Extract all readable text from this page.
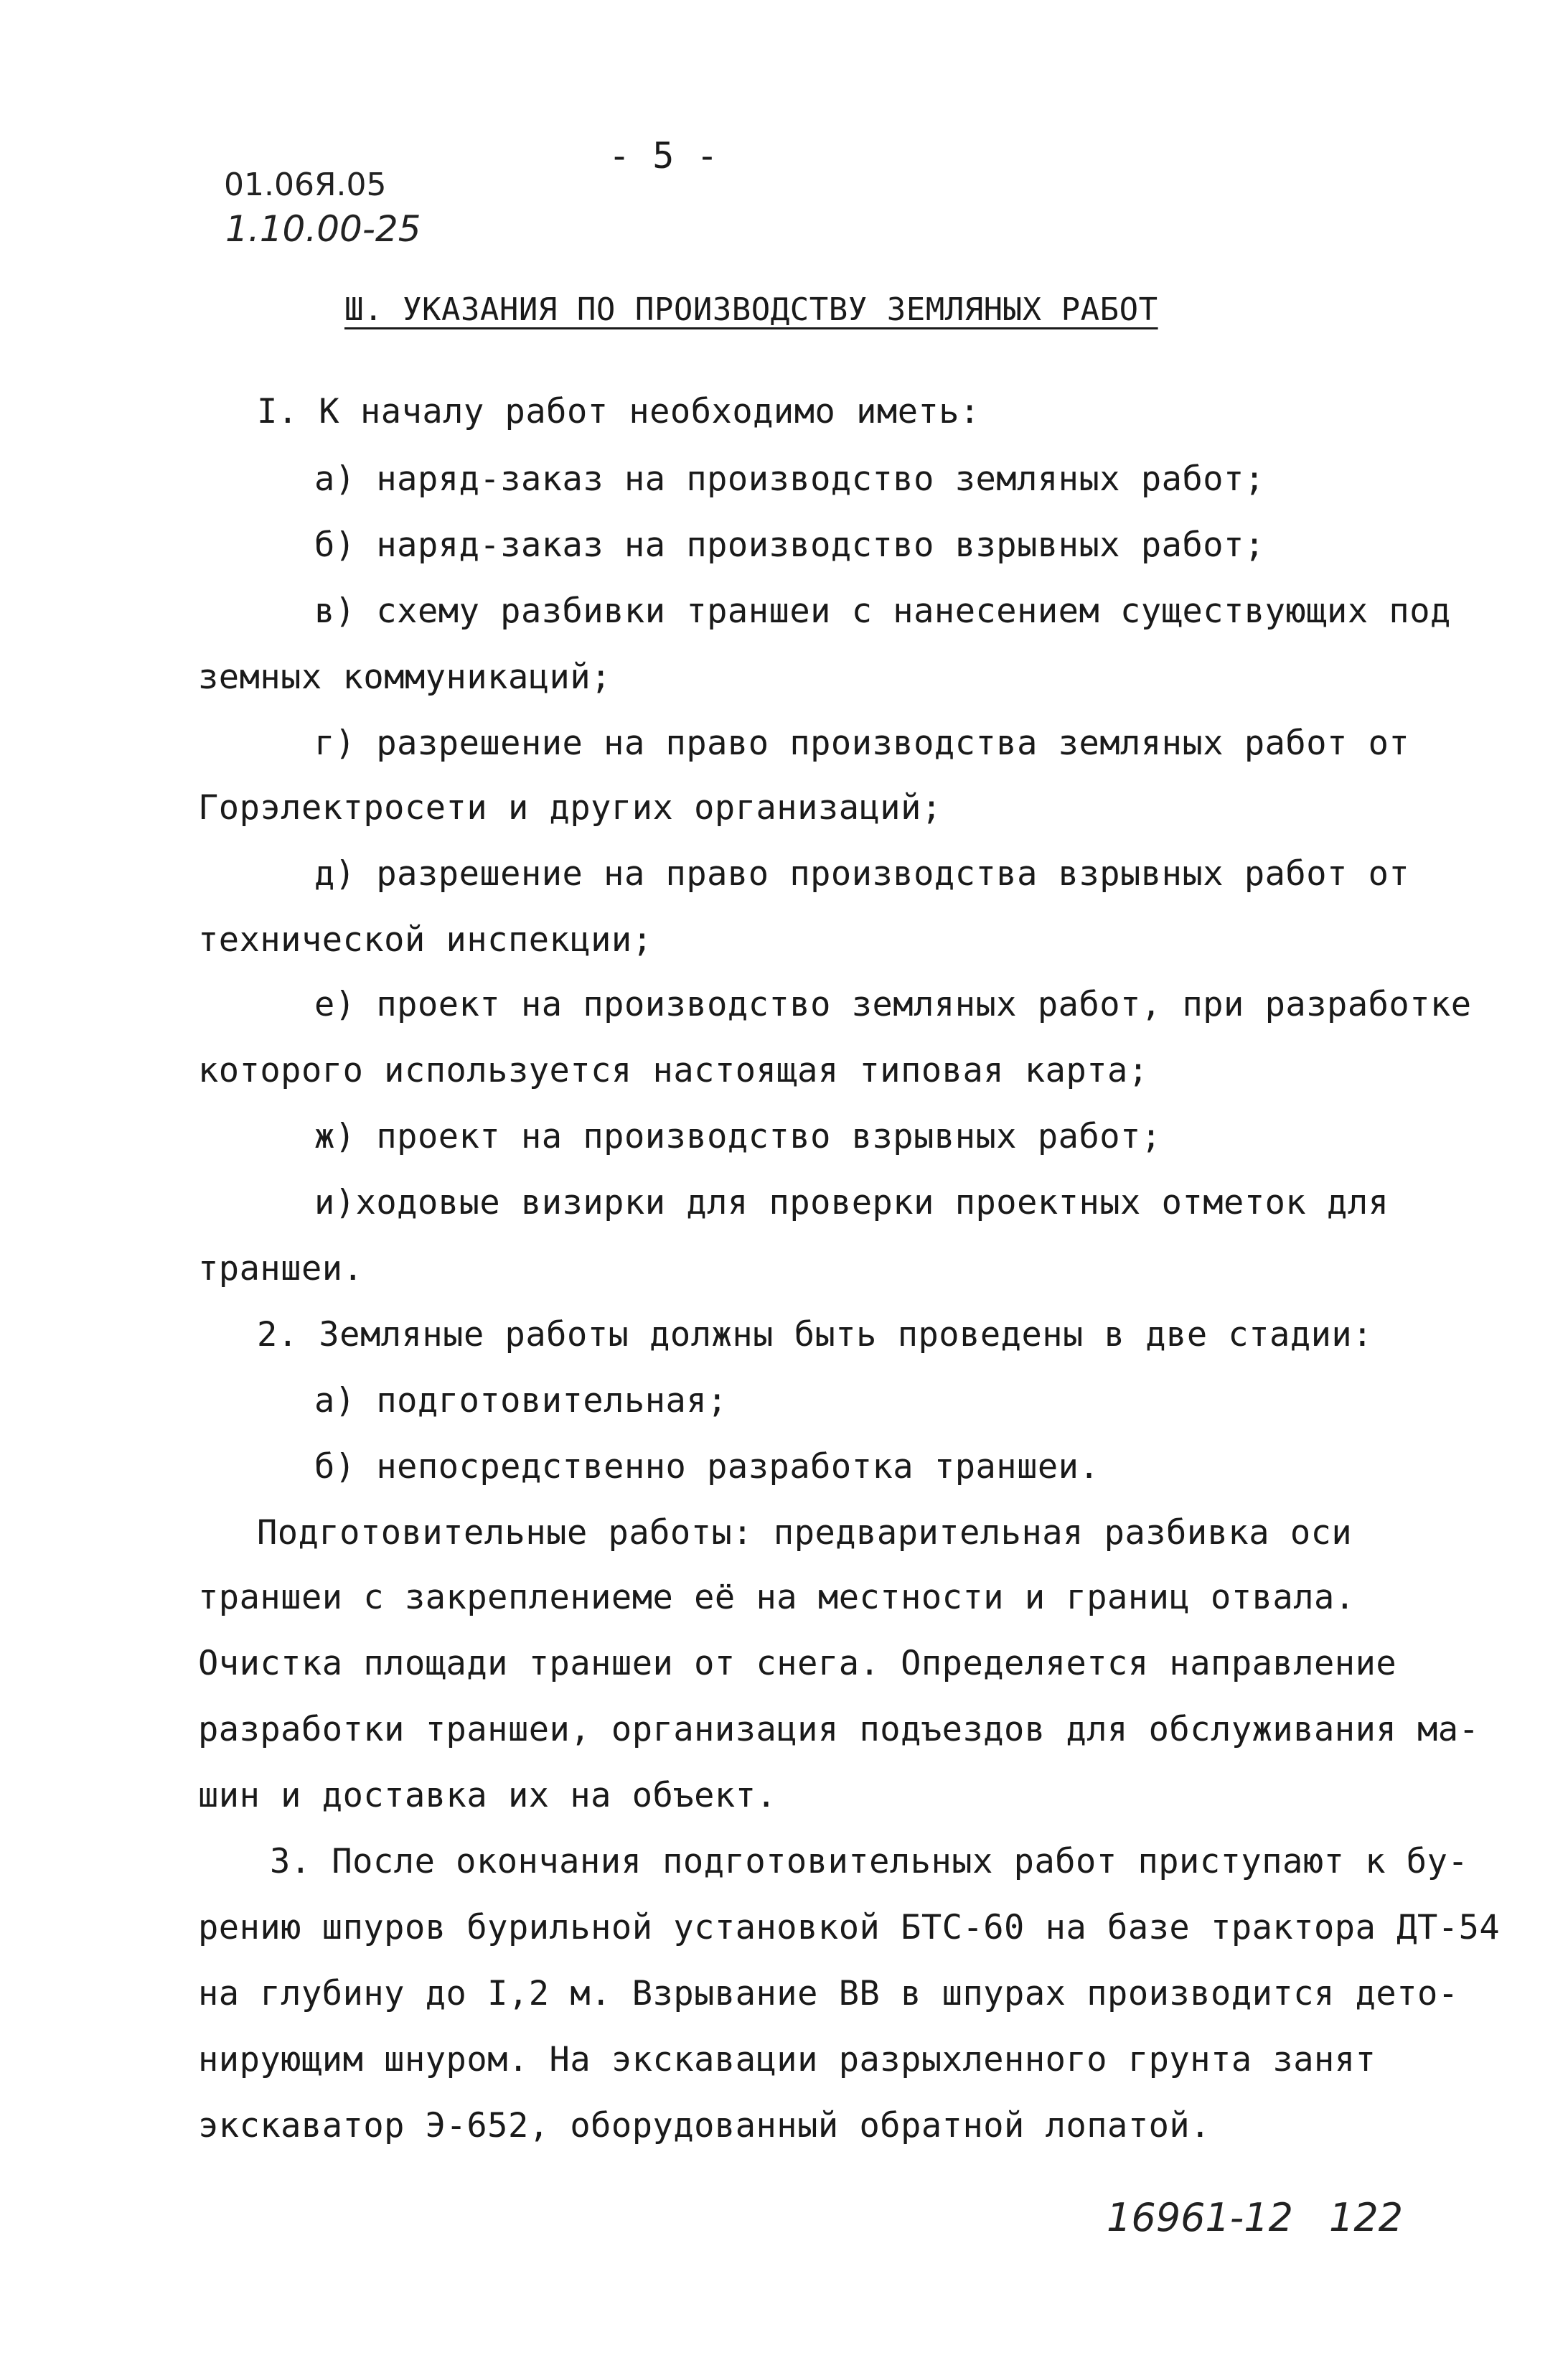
- 5 -
01.06Я.05
1.10.00-25
Ш. УКАЗАНИЯ ПО ПРОИЗВОДСТВУ ЗЕМЛЯНЫХ РАБОТ
I. К началу работ необходимо иметь:
а) наряд-заказ на производство земляных работ;
б) наряд-заказ на производство взрывных работ;
в) схему разбивки траншеи с нанесением существующих под
земных коммуникаций;
г) разрешение на право производства земляных работ от
Горэлектросети и других организаций;
д) разрешение на право производства взрывных работ от
технической инспекции;
е) проект на производство земляных работ, при разработке
которого используется настоящая типовая карта;
ж) проект на производство взрывных работ;
и)ходовые визирки для проверки проектных отметок для
траншеи.
2. Земляные работы должны быть проведены в две стадии:
а) подготовительная;
б) непосредственно разработка траншеи.
Подготовительные работы: предварительная разбивка оси
траншеи с закреплениеме её на местности и границ отвала.
Очистка площади траншеи от снега. Определяется направление
разработки траншеи, организация подъездов для обслуживания ма-
шин и доставка их на объект.
3. После окончания подготовительных работ приступают к бу-
рению шпуров бурильной установкой БТС-60 на базе трактора ДТ-54
на глубину до I,2 м. Взрывание ВВ в шпурах производится дето-
нирующим шнуром. На экскавации разрыхленного грунта занят
экскаватор Э-652, оборудованный обратной лопатой.
16961-12 122
